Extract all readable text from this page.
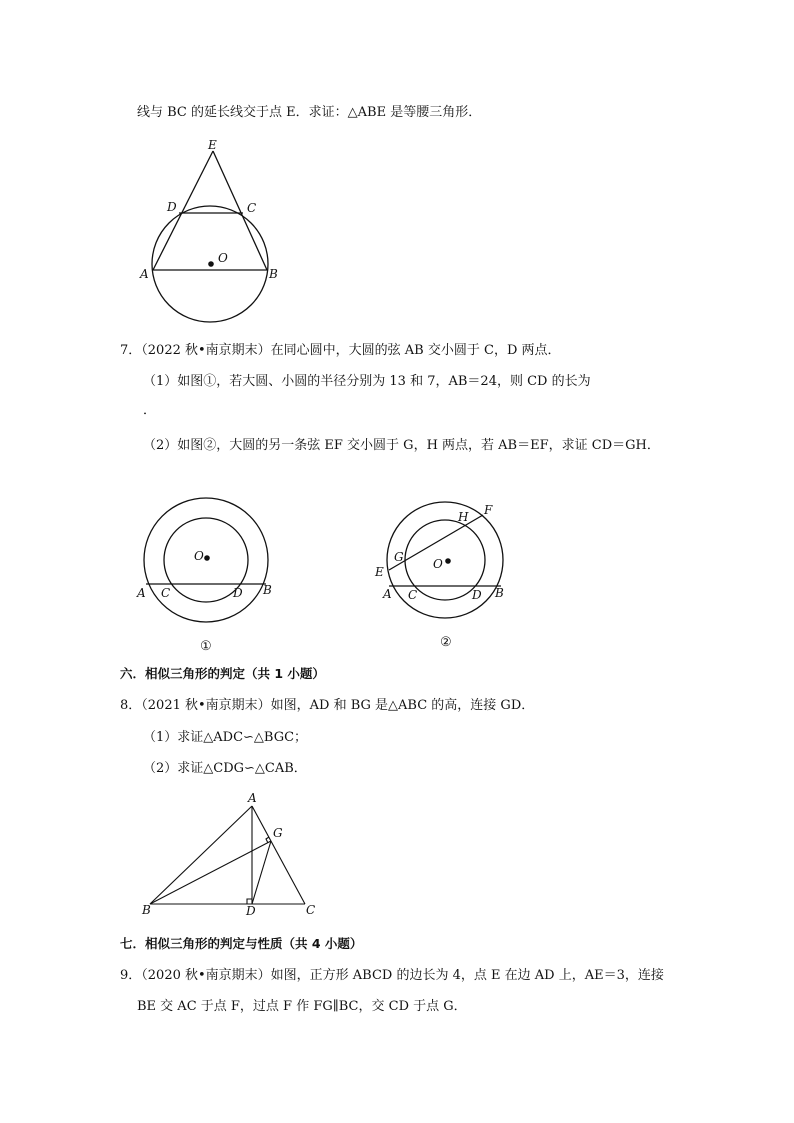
线与 BC 的延长线交于点 E．求证：△ABE 是等腰三角形．
E
D	C
O
A	B
7．（2022 秋•南京期末）在同心圆中，大圆的弦 AB 交小圆于 C，D 两点．
（1）如图①，若大圆、小圆的半径分别为 13 和 7，AB＝24，则 CD 的长为
．
（2）如图②，大圆的另一条弦 EF 交小圆于 G，H 两点，若 AB＝EF，求证 CD＝GH．
O
A C	D B
①
H F
G O
E
A C	D B
②
六．相似三角形的判定（共 1 小题）
8．（2021 秋•南京期末）如图，AD 和 BG 是△ABC 的高，连接 GD．
（1）求证△ADC∽△BGC；
（2）求证△CDG∽△CAB．
A
G
B	D	C
七．相似三角形的判定与性质（共 4 小题）
9．（2020 秋•南京期末）如图，正方形 ABCD 的边长为 4，点 E 在边 AD 上，AE＝3，连接
BE 交 AC 于点 F，过点 F 作 FG∥BC，交 CD 于点 G．
